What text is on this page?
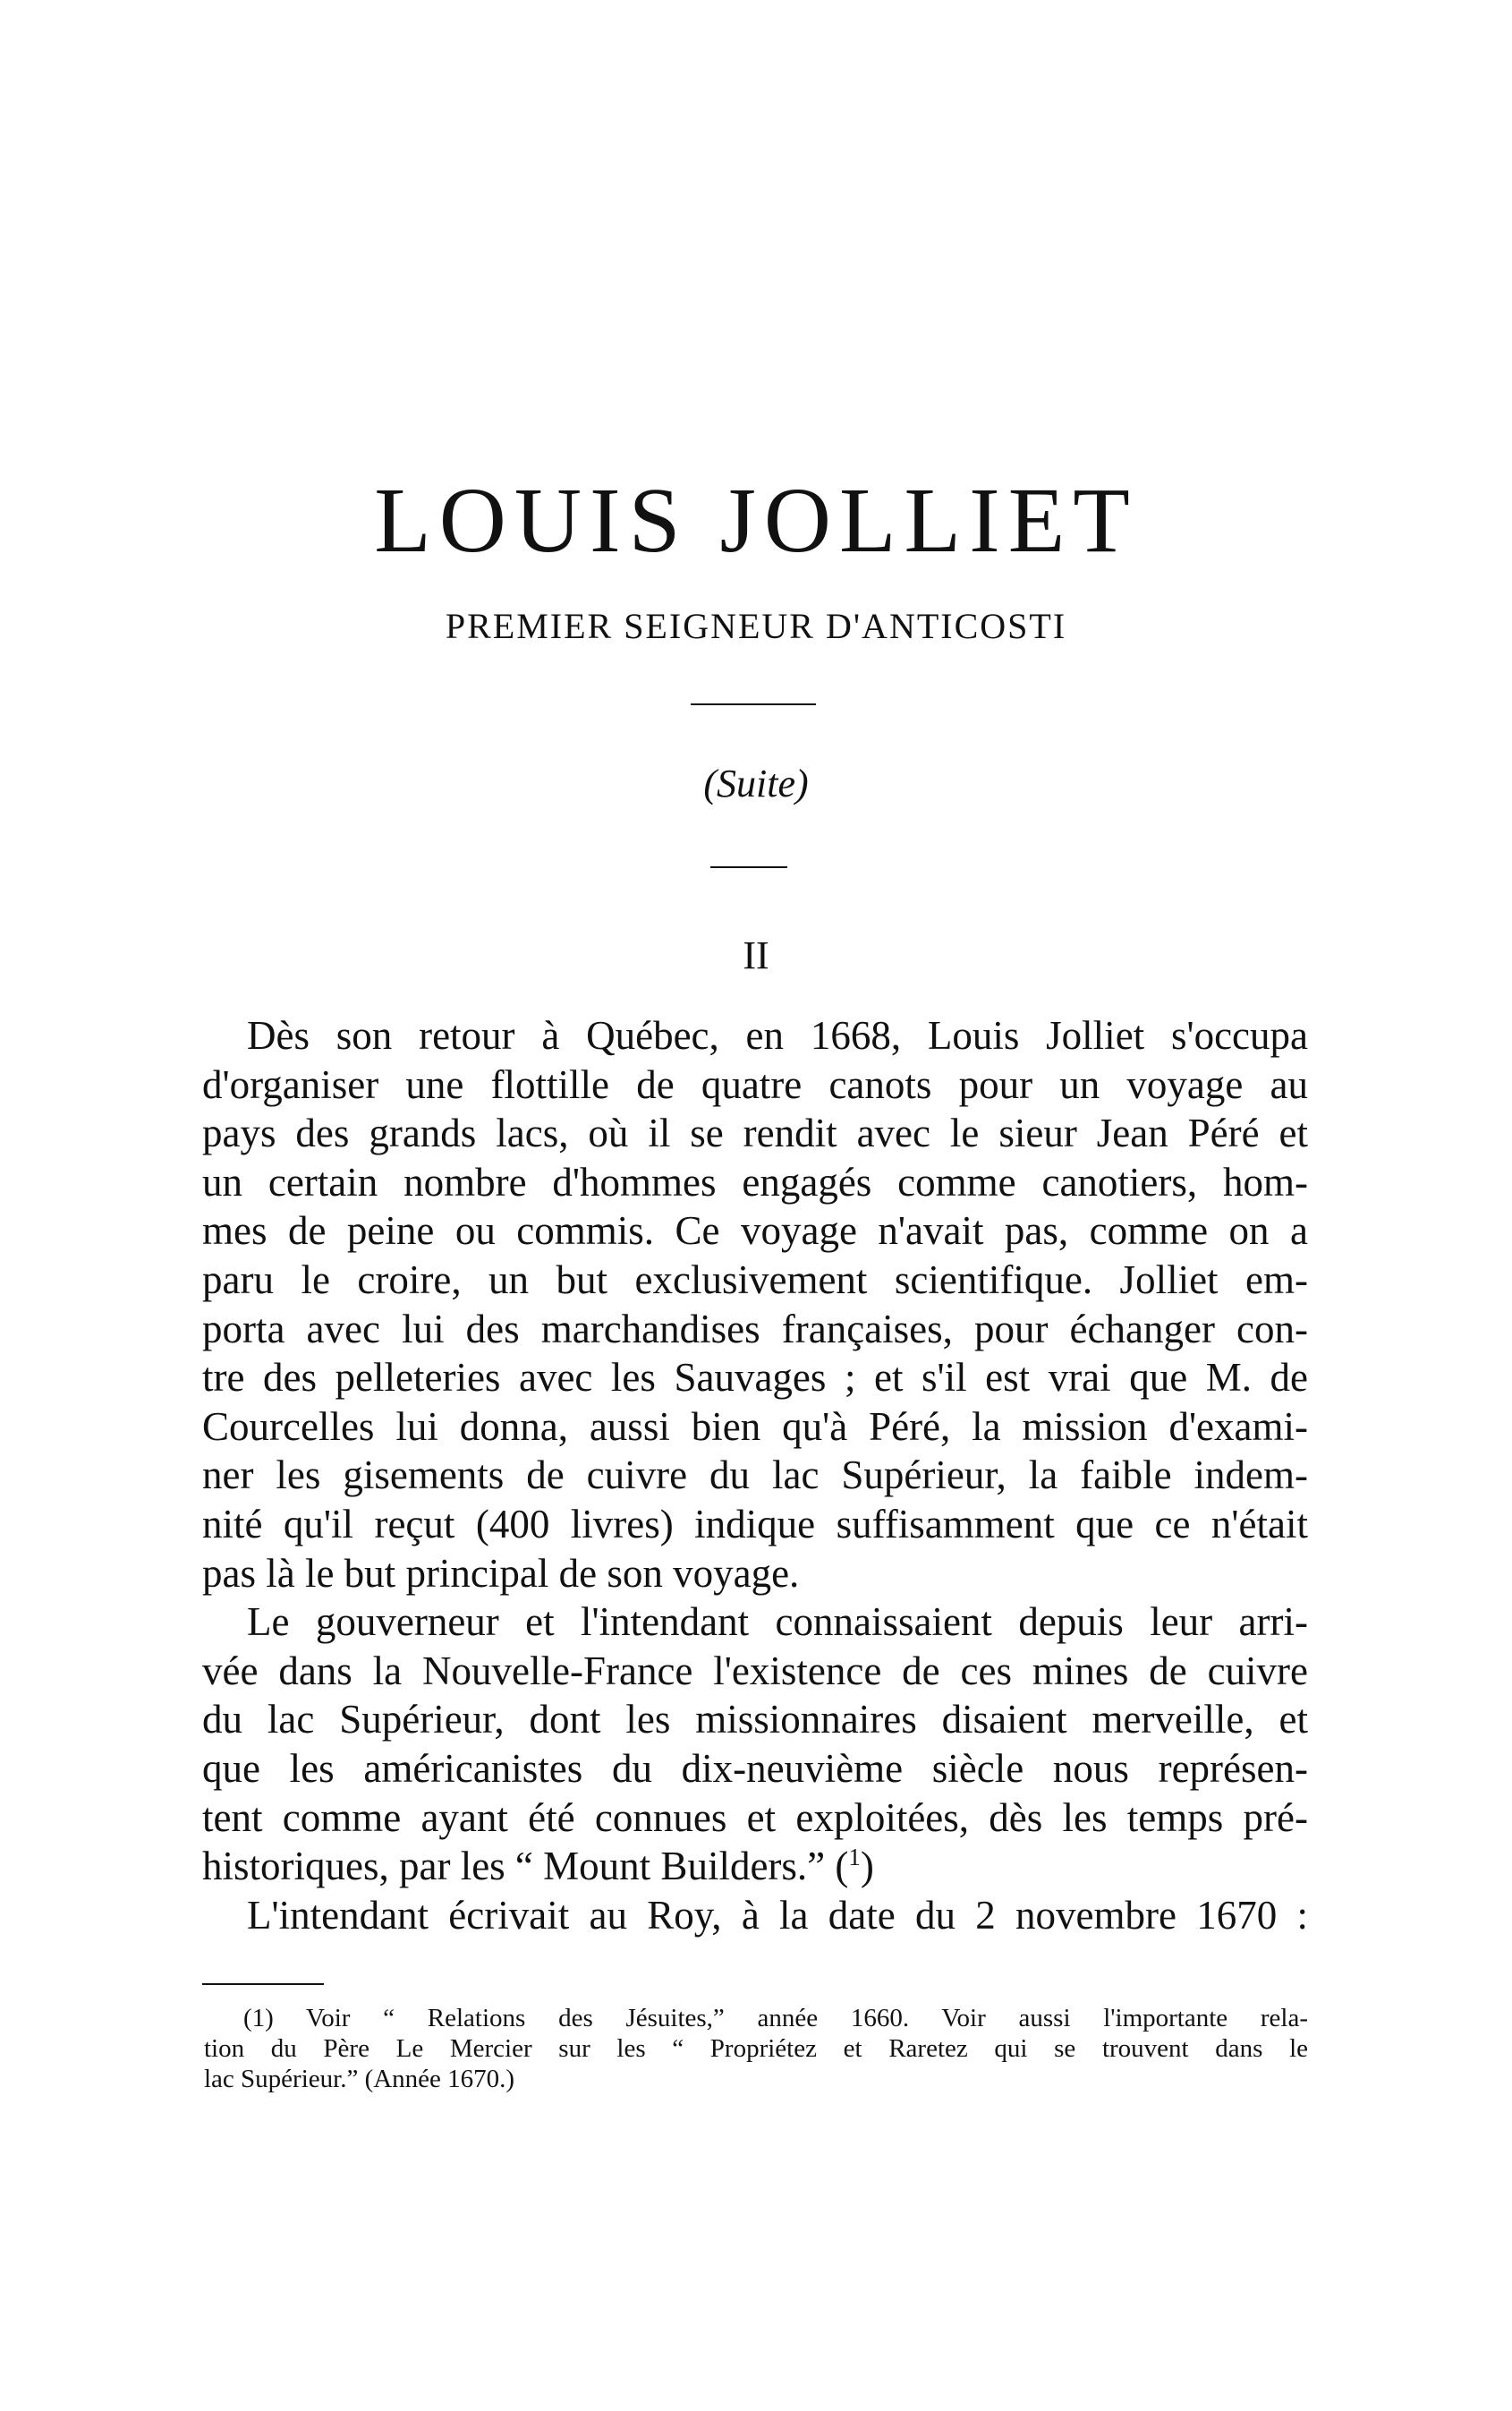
LOUIS JOLLIET
PREMIER SEIGNEUR D'ANTICOSTI
(Suite)
II
Dès son retour à Québec, en 1668, Louis Jolliet s'occupa
d'organiser une flottille de quatre canots pour un voyage au
pays des grands lacs, où il se rendit avec le sieur Jean Péré et
un certain nombre d'hommes engagés comme canotiers, hom-
mes de peine ou commis. Ce voyage n'avait pas, comme on a
paru le croire, un but exclusivement scientifique. Jolliet em-
porta avec lui des marchandises françaises, pour échanger con-
tre des pelleteries avec les Sauvages ; et s'il est vrai que M. de
Courcelles lui donna, aussi bien qu'à Péré, la mission d'exami-
ner les gisements de cuivre du lac Supérieur, la faible indem-
nité qu'il reçut (400 livres) indique suffisamment que ce n'était
pas là le but principal de son voyage.
Le gouverneur et l'intendant connaissaient depuis leur arri-
vée dans la Nouvelle-France l'existence de ces mines de cuivre
du lac Supérieur, dont les missionnaires disaient merveille, et
que les américanistes du dix-neuvième siècle nous représen-
tent comme ayant été connues et exploitées, dès les temps pré-
historiques, par les “ Mount Builders.” ($^1$)
L'intendant écrivait au Roy, à la date du 2 novembre 1670 :
(1) Voir “ Relations des Jésuites,” année 1660. Voir aussi l'importante rela-
tion du Père Le Mercier sur les “ Propriétez et Raretez qui se trouvent dans le
lac Supérieur.” (Année 1670.)
